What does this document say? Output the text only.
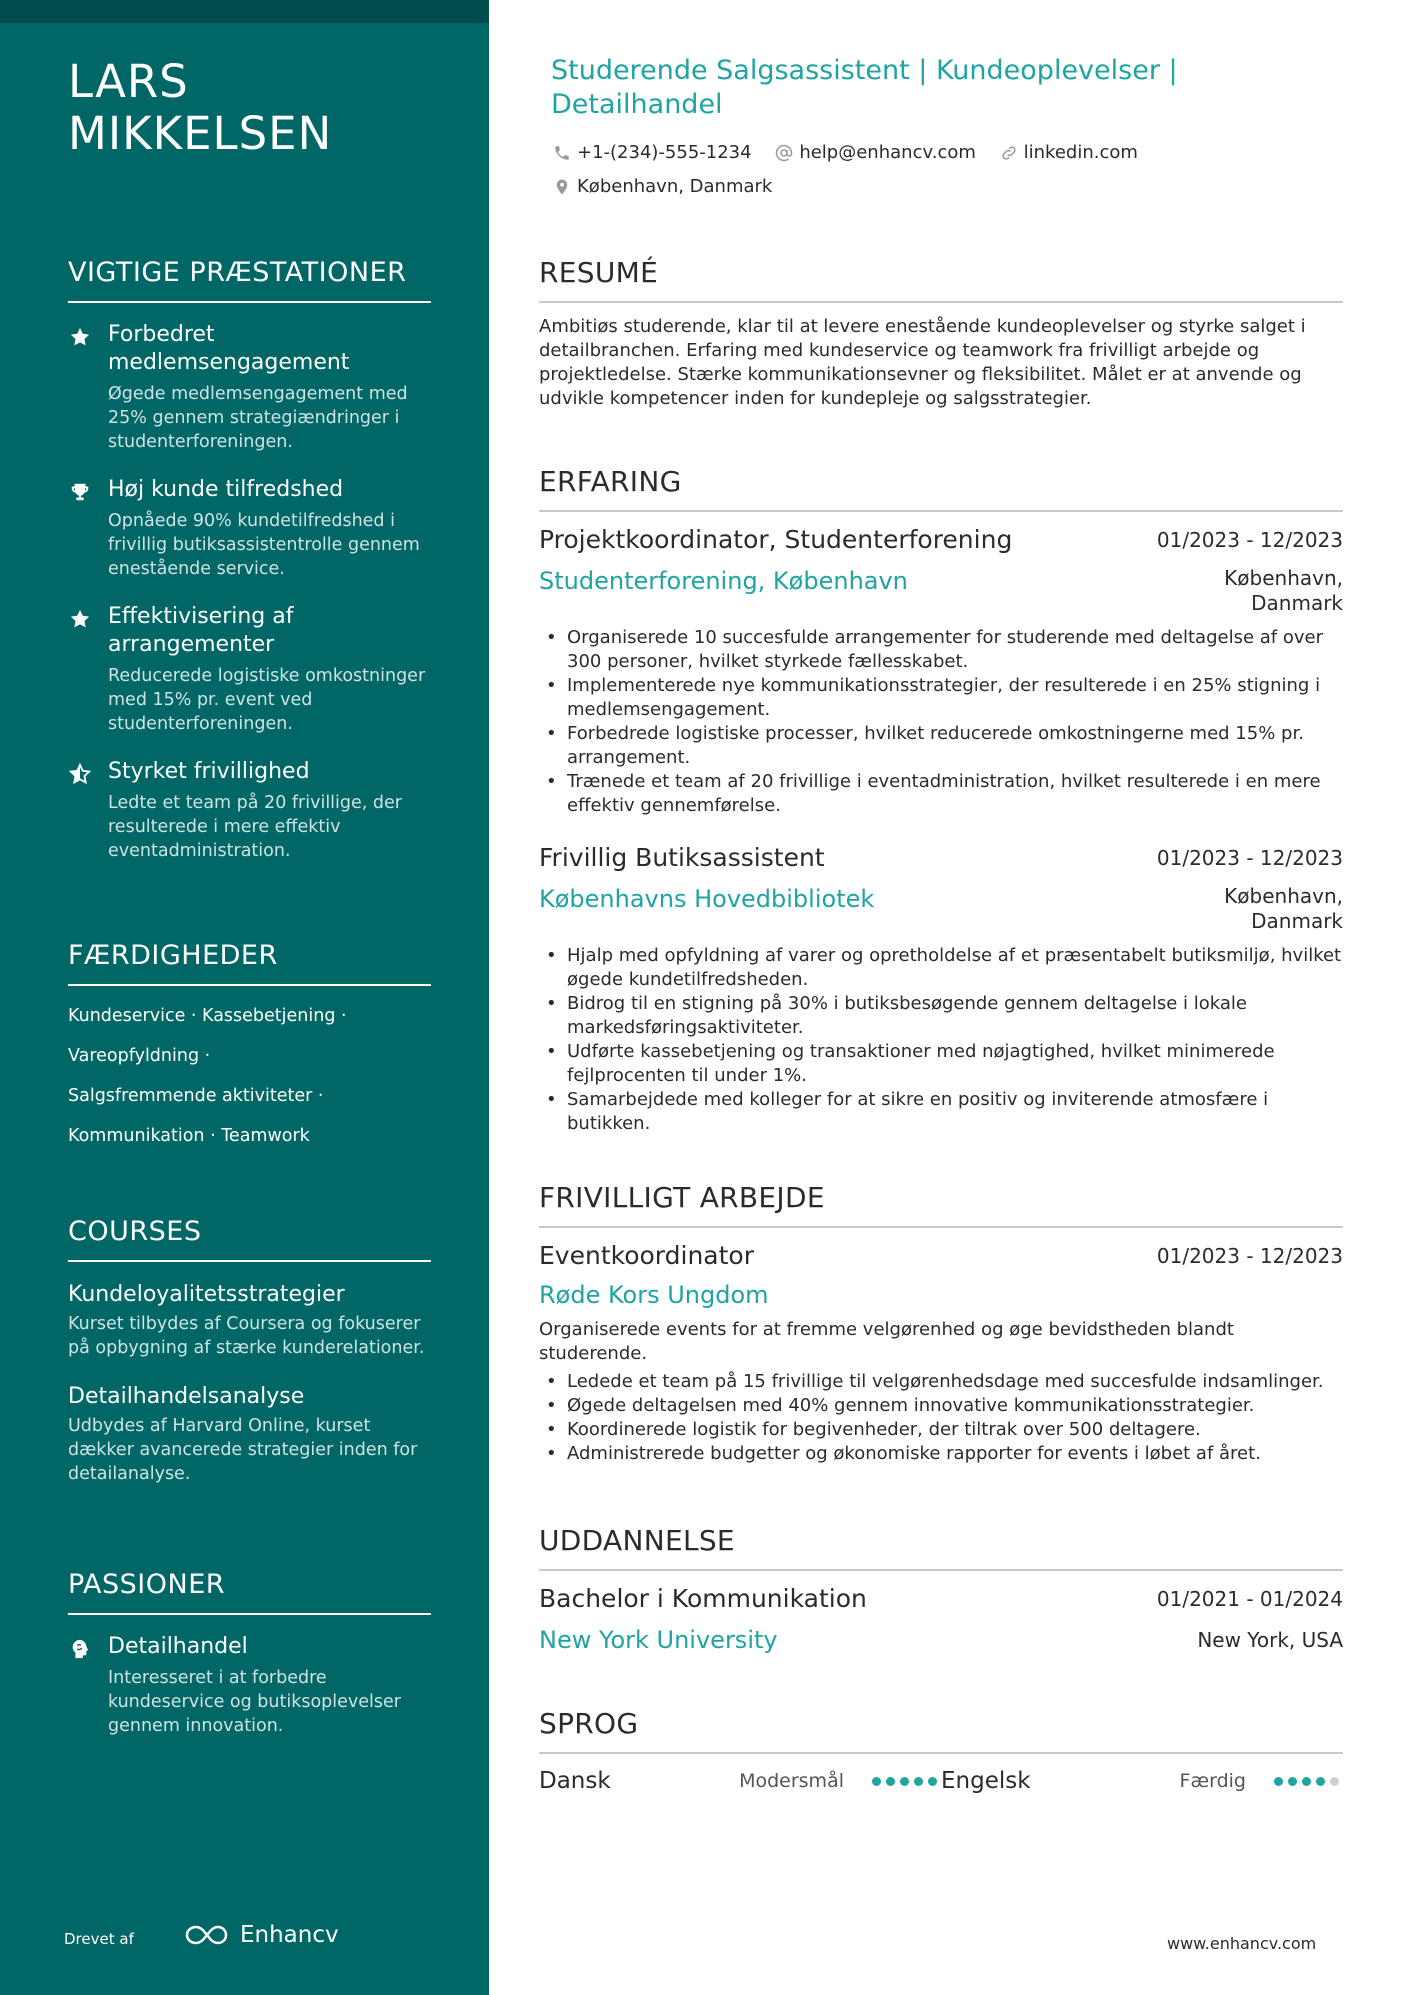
LARS
MIKKELSEN
VIGTIGE PRÆSTATIONER
Forbedret medlemsengagement
Øgede medlemsengagement med 25% gennem strategiændringer i studenterforeningen.
Høj kunde tilfredshed
Opnåede 90% kundetilfredshed i frivillig butiksassistentrolle gennem enestående service.
Effektivisering af arrangementer
Reducerede logistiske omkostninger med 15% pr. event ved studenterforeningen.
Styrket frivillighed
Ledte et team på 20 frivillige, der resulterede i mere effektiv eventadministration.
FÆRDIGHEDER
Kundeservice · Kassebetjening ·
Vareopfyldning ·
Salgsfremmende aktiviteter ·
Kommunikation · Teamwork
COURSES
Kundeloyalitetsstrategier
Kurset tilbydes af Coursera og fokuserer på opbygning af stærke kunderelationer.
Detailhandelsanalyse
Udbydes af Harvard Online, kurset dækker avancerede strategier inden for detailanalyse.
PASSIONER
Detailhandel
Interesseret i at forbedre kundeservice og butiksoplevelser gennem innovation.
Drevet af	Enhancv
Studerende Salgsassistent | Kundeoplevelser | Detailhandel
+1-(234)-555-1234
	help@enhancv.com
	linkedin.com
København, Danmark
RESUMÉ
Ambitiøs studerende, klar til at levere enestående kundeoplevelser og styrke salget i detailbranchen. Erfaring med kundeservice og teamwork fra frivilligt arbejde og projektledelse. Stærke kommunikationsevner og fleksibilitet. Målet er at anvende og udvikle kompetencer inden for kundepleje og salgsstrategier.
ERFARING
Projektkoordinator, Studenterforening	01/2023 - 12/2023
Studenterforening, København	København, Danmark
• Organiserede 10 succesfulde arrangementer for studerende med deltagelse af over 300 personer, hvilket styrkede fællesskabet.
• Implementerede nye kommunikationsstrategier, der resulterede i en 25% stigning i medlemsengagement.
• Forbedrede logistiske processer, hvilket reducerede omkostningerne med 15% pr. arrangement.
• Trænede et team af 20 frivillige i eventadministration, hvilket resulterede i en mere effektiv gennemførelse.
Frivillig Butiksassistent	01/2023 - 12/2023
Københavns Hovedbibliotek	København, Danmark
• Hjalp med opfyldning af varer og opretholdelse af et præsentabelt butiksmiljø, hvilket øgede kundetilfredsheden.
• Bidrog til en stigning på 30% i butiksbesøgende gennem deltagelse i lokale markedsføringsaktiviteter.
• Udførte kassebetjening og transaktioner med nøjagtighed, hvilket minimerede fejlprocenten til under 1%.
• Samarbejdede med kolleger for at sikre en positiv og inviterende atmosfære i butikken.
FRIVILLIGT ARBEJDE
Eventkoordinator	01/2023 - 12/2023
Røde Kors Ungdom
Organiserede events for at fremme velgørenhed og øge bevidstheden blandt studerende.
• Ledede et team på 15 frivillige til velgørenhedsdage med succesfulde indsamlinger.
• Øgede deltagelsen med 40% gennem innovative kommunikationsstrategier.
• Koordinerede logistik for begivenheder, der tiltrak over 500 deltagere.
• Administrerede budgetter og økonomiske rapporter for events i løbet af året.
UDDANNELSE
Bachelor i Kommunikation	01/2021 - 01/2024
New York University	New York, USA
SPROG
Dansk	Modersmål	Engelsk	Færdig
www.enhancv.com
